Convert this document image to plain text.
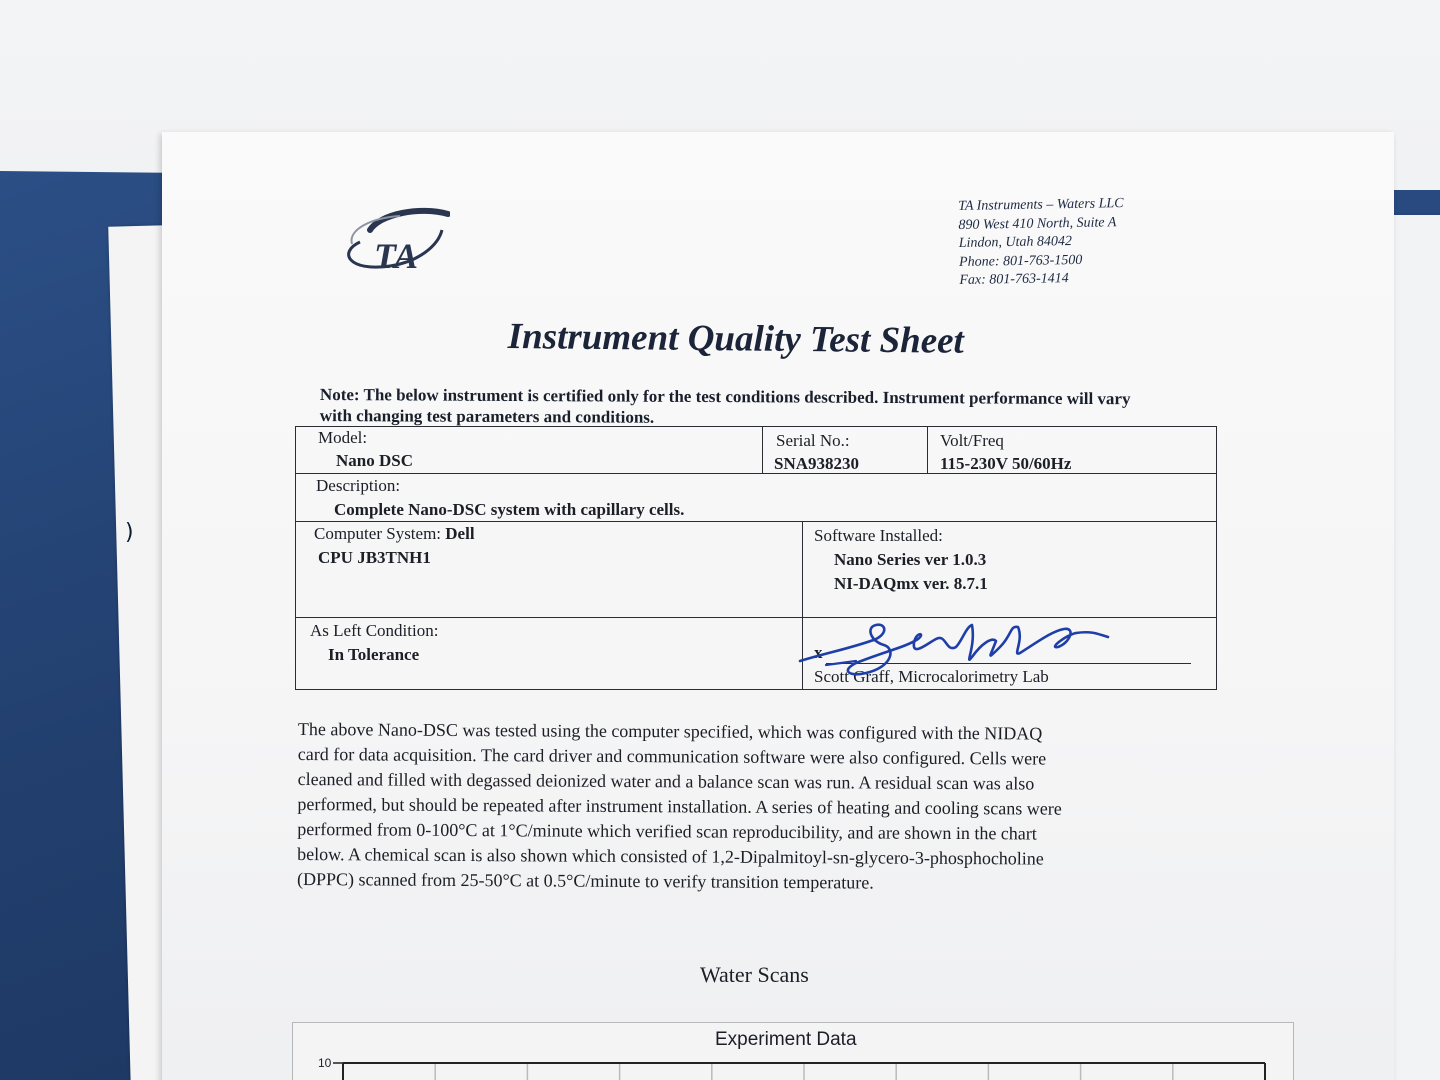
)
TA
TA Instruments – Waters LLC
890 West 410 North, Suite A
Lindon, Utah 84042
Phone: 801-763-1500
Fax: 801-763-1414
Instrument Quality Test Sheet
Note: The below instrument is certified only for the test conditions described. Instrument performance will vary with changing test parameters and conditions.
Model:
Nano DSC
Serial No.:
SNA938230
Volt/Freq
115-230V 50/60Hz
Description:
Complete Nano-DSC system with capillary cells.
Computer System: Dell
CPU JB3TNH1
Software Installed:
Nano Series ver 1.0.3
NI-DAQmx ver. 8.7.1
As Left Condition:
In Tolerance	x
Scott Graff, Microcalorimetry Lab
The above Nano-DSC was tested using the computer specified, which was configured with the NIDAQ
card for data acquisition. The card driver and communication software were also configured. Cells were
cleaned and filled with degassed deionized water and a balance scan was run. A residual scan was also
performed, but should be repeated after instrument installation. A series of heating and cooling scans were
performed from 0-100°C at 1°C/minute which verified scan reproducibility, and are shown in the chart
below. A chemical scan is also shown which consisted of 1,2-Dipalmitoyl-sn-glycero-3-phosphocholine
(DPPC) scanned from 25-50°C at 0.5°C/minute to verify transition temperature.
Water Scans
Experiment Data
10
